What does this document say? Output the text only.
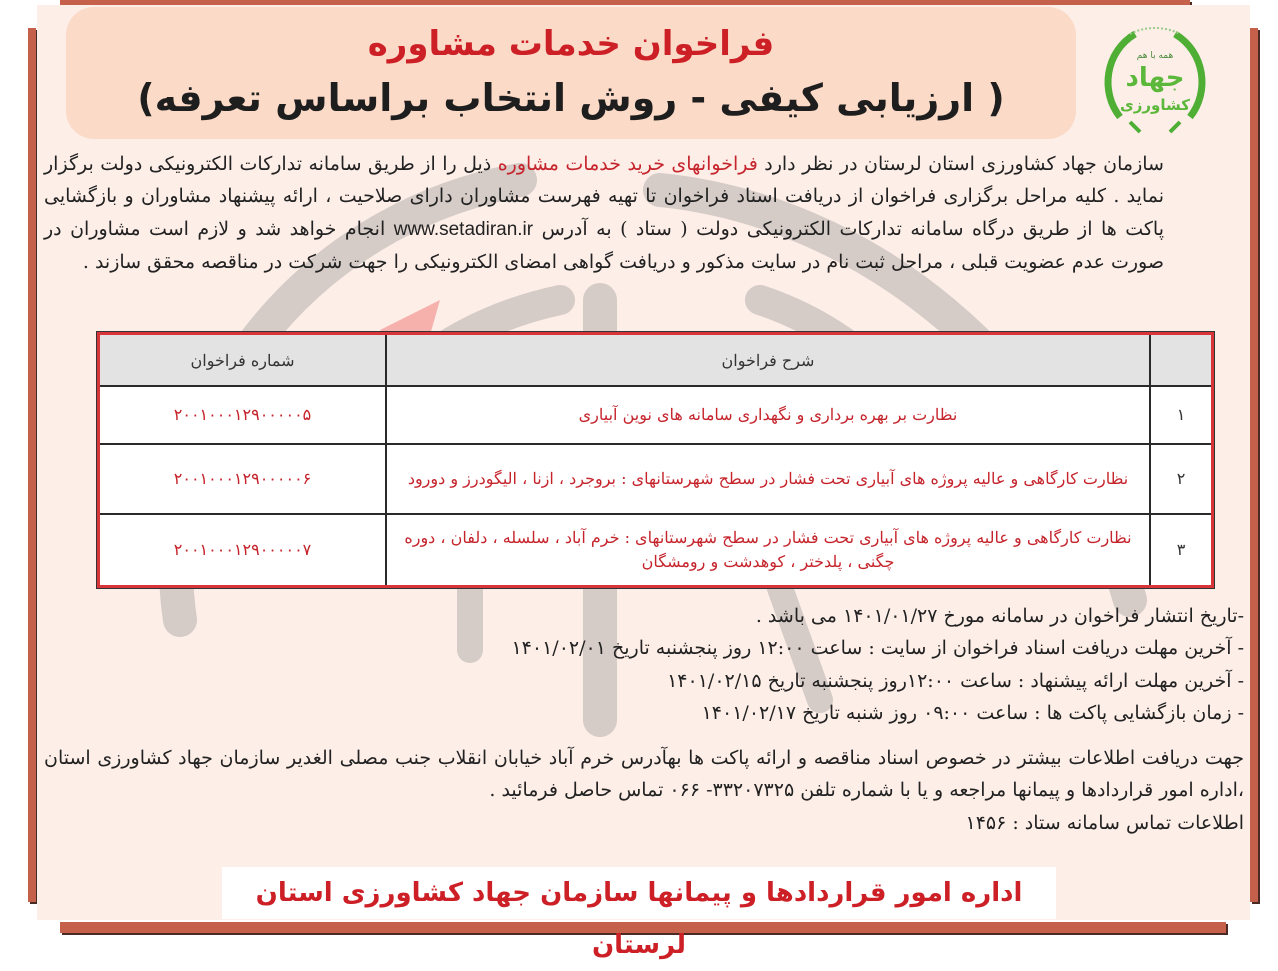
فراخوان خدمات مشاوره
( ارزیابی کیفی - روش انتخاب براساس تعرفه)
همه با هم
جهاد
کشاورزی
سازمان جهاد کشاورزی استان لرستان در نظر دارد فراخوانهای خرید خدمات مشاوره ذیل را از طریق سامانه تدارکات الکترونیکی دولت برگزار نماید . کلیه مراحل برگزاری فراخوان از دریافت اسناد فراخوان تا تهیه فهرست مشاوران دارای صلاحیت ، ارائه پیشنهاد مشاوران و بازگشایی پاکت ها از طریق درگاه سامانه تدارکات الکترونیکی دولت ( ستاد ) به آدرس www.setadiran.ir انجام خواهد شد و لازم است مشاوران در صورت عدم عضویت قبلی ، مراحل ثبت نام در سایت مذکور و دریافت گواهی امضای الکترونیکی را جهت شرکت در مناقصه محقق سازند .
	شرح فراخوان	شماره فراخوان
۱	نظارت بر بهره برداری و نگهداری سامانه های نوین آبیاری	۲۰۰۱۰۰۰۱۲۹۰۰۰۰۰۵
۲	نظارت کارگاهی و عالیه پروژه های آبیاری تحت فشار در سطح شهرستانهای : بروجرد ، ازنا ، الیگودرز و دورود	۲۰۰۱۰۰۰۱۲۹۰۰۰۰۰۶
۳	نظارت کارگاهی و عالیه پروژه های آبیاری تحت فشار در سطح شهرستانهای : خرم آباد ، سلسله ، دلفان ، دوره چگنی ، پلدختر ، کوهدشت و رومشگان	۲۰۰۱۰۰۰۱۲۹۰۰۰۰۰۷
-تاریخ انتشار فراخوان در سامانه مورخ ۱۴۰۱/۰۱/۲۷ می باشد .
- آخرین مهلت دریافت اسناد فراخوان از سایت : ساعت ۱۲:۰۰ روز پنجشنبه تاریخ ۱۴۰۱/۰۲/۰۱
- آخرین مهلت ارائه پیشنهاد : ساعت ۱۲:۰۰روز پنجشنبه تاریخ ۱۴۰۱/۰۲/۱۵
- زمان بازگشایی پاکت ها : ساعت ۰۹:۰۰ روز شنبه تاریخ ۱۴۰۱/۰۲/۱۷
جهت دریافت اطلاعات بیشتر در خصوص اسناد مناقصه و ارائه پاکت ها بهآدرس خرم آباد خیابان انقلاب جنب مصلی الغدیر سازمان جهاد کشاورزی استان ،اداره امور قراردادها و پیمانها مراجعه و یا با شماره تلفن ۳۳۲۰۷۳۲۵- ۰۶۶ تماس حاصل فرمائید .
اطلاعات تماس سامانه ستاد : ۱۴۵۶
اداره امور قراردادها و پیمانها سازمان جهاد کشاورزی استان لرستان
